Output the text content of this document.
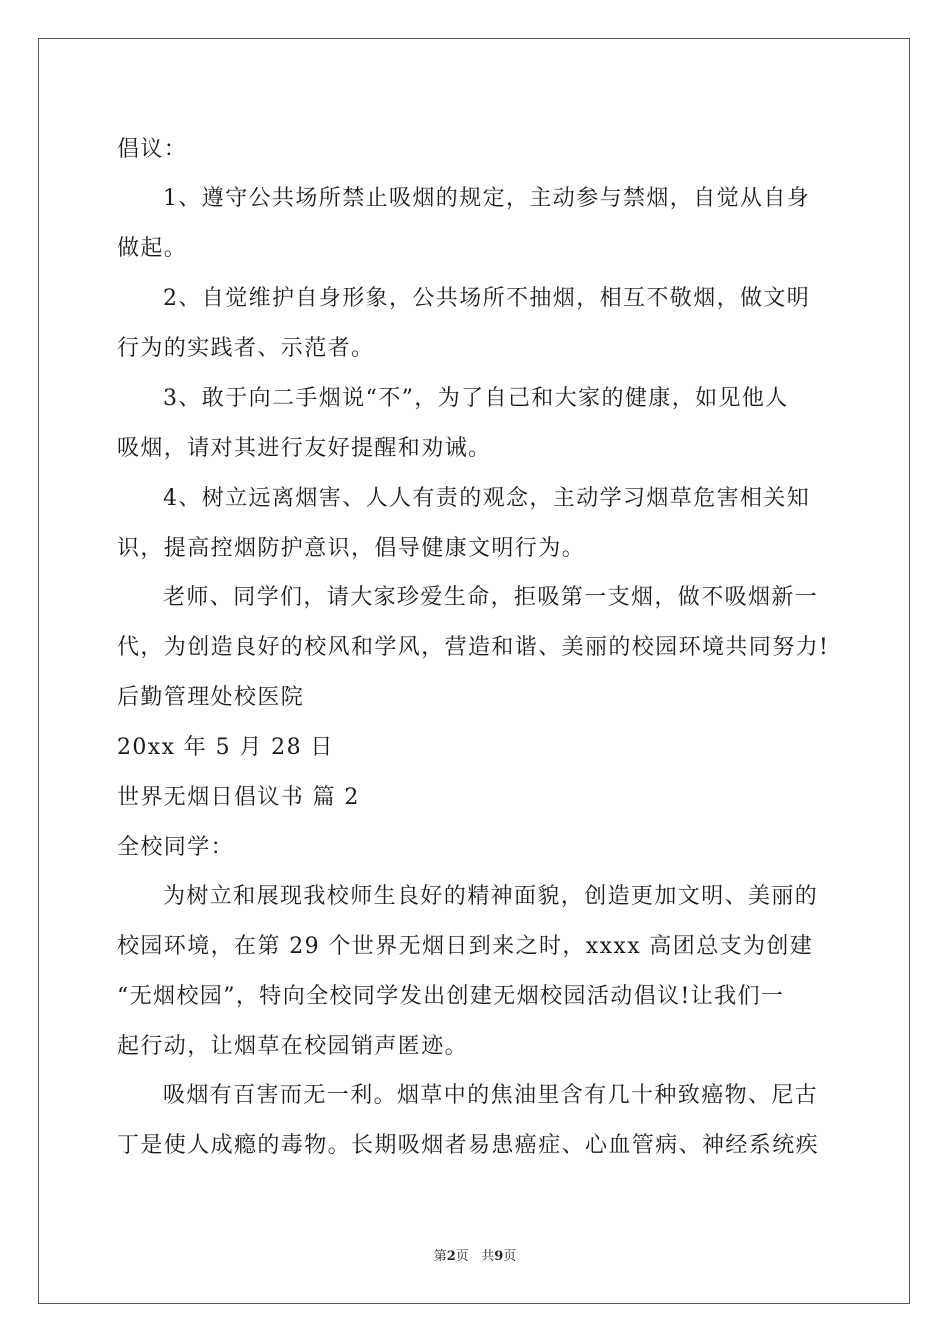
倡议：
1、遵守公共场所禁止吸烟的规定，主动参与禁烟，自觉从自身
做起。
2、自觉维护自身形象，公共场所不抽烟，相互不敬烟，做文明
行为的实践者、示范者。
3、敢于向二手烟说“不”，为了自己和大家的健康，如见他人
吸烟，请对其进行友好提醒和劝诫。
4、树立远离烟害、人人有责的观念，主动学习烟草危害相关知
识，提高控烟防护意识，倡导健康文明行为。
老师、同学们，请大家珍爱生命，拒吸第一支烟，做不吸烟新一
代，为创造良好的校风和学风，营造和谐、美丽的校园环境共同努力!
后勤管理处校医院
20xx 年 5 月 28 日
世界无烟日倡议书 篇 2
全校同学：
为树立和展现我校师生良好的精神面貌，创造更加文明、美丽的
校园环境，在第 29 个世界无烟日到来之时，xxxx 高团总支为创建
“无烟校园”，特向全校同学发出创建无烟校园活动倡议!让我们一
起行动，让烟草在校园销声匿迹。
吸烟有百害而无一利。烟草中的焦油里含有几十种致癌物、尼古
丁是使人成瘾的毒物。长期吸烟者易患癌症、心血管病、神经系统疾
第2页 共9页
